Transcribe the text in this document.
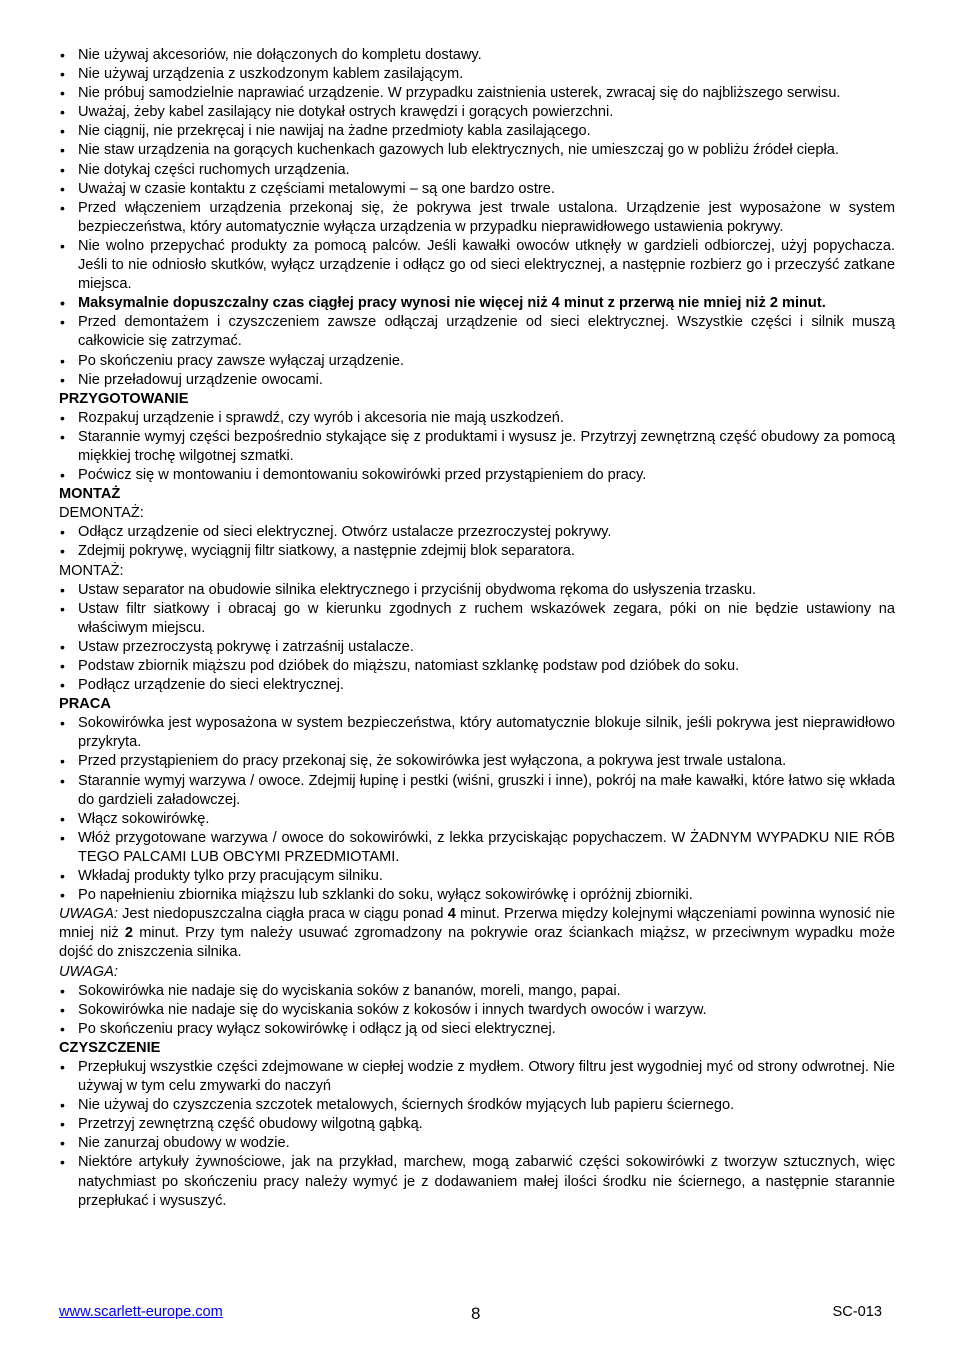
• Nie używaj akcesoriów, nie dołączonych do kompletu dostawy.
• Nie używaj urządzenia z uszkodzonym kablem zasilającym.
• Nie próbuj samodzielnie naprawiać urządzenie. W przypadku zaistnienia usterek, zwracaj się do najbliższego serwisu.
• Uważaj, żeby kabel zasilający nie dotykał ostrych krawędzi i gorących powierzchni.
• Nie ciągnij, nie przekręcaj i nie nawijaj na żadne przedmioty kabla zasilającego.
• Nie staw urządzenia na gorących kuchenkach gazowych lub elektrycznych, nie umieszczaj go w pobliżu źródeł ciepła.
• Nie dotykaj części ruchomych urządzenia.
• Uważaj w czasie kontaktu z częściami metalowymi – są one bardzo ostre.
• Przed włączeniem urządzenia przekonaj się, że pokrywa jest trwale ustalona. Urządzenie jest wyposażone w system bezpieczeństwa, który automatycznie wyłącza urządzenia w przypadku nieprawidłowego ustawienia pokrywy.
• Nie wolno przepychać produkty za pomocą palców. Jeśli kawałki owoców utknęły w gardzieli odbiorczej, użyj popychacza. Jeśli to nie odniosło skutków, wyłącz urządzenie i odłącz go od sieci elektrycznej, a następnie rozbierz go i przeczyść zatkane miejsca.
• Maksymalnie dopuszczalny czas ciągłej pracy wynosi nie więcej niż 4 minut z przerwą nie mniej niż 2 minut.
• Przed demontażem i czyszczeniem zawsze odłączaj urządzenie od sieci elektrycznej. Wszystkie części i silnik muszą całkowicie się zatrzymać.
• Po skończeniu pracy zawsze wyłączaj urządzenie.
• Nie przeładowuj urządzenie owocami.
PRZYGOTOWANIE
• Rozpakuj urządzenie i sprawdź, czy wyrób i akcesoria nie mają uszkodzeń.
• Starannie wymyj części bezpośrednio stykające się z produktami i wysusz je. Przytrzyj zewnętrzną część obudowy za pomocą miękkiej trochę wilgotnej szmatki.
• Poćwicz się w montowaniu i demontowaniu sokowirówki przed przystąpieniem do pracy.
MONTAŻ
DEMONTAŻ:
• Odłącz urządzenie od sieci elektrycznej. Otwórz ustalacze przezroczystej pokrywy.
• Zdejmij pokrywę, wyciągnij filtr siatkowy, a następnie zdejmij blok separatora.
MONTAŻ:
• Ustaw separator na obudowie silnika elektrycznego i przyciśnij obydwoma rękoma do usłyszenia trzasku.
• Ustaw filtr siatkowy i obracaj go w kierunku zgodnych z ruchem wskazówek zegara, póki on nie będzie ustawiony na właściwym miejscu.
• Ustaw przezroczystą pokrywę i zatrzaśnij ustalacze.
• Podstaw zbiornik miąższu pod dzióbek do miąższu, natomiast szklankę podstaw pod dzióbek do soku.
• Podłącz urządzenie do sieci elektrycznej.
PRACA
• Sokowirówka jest wyposażona w system bezpieczeństwa, który automatycznie blokuje silnik, jeśli pokrywa jest nieprawidłowo przykryta.
• Przed przystąpieniem do pracy przekonaj się, że sokowirówka jest wyłączona, a pokrywa jest trwale ustalona.
• Starannie wymyj warzywa / owoce. Zdejmij łupinę i pestki (wiśni, gruszki i inne), pokrój na małe kawałki, które łatwo się wkłada do gardzieli załadowczej.
• Włącz sokowirówkę.
• Włóż przygotowane warzywa / owoce do sokowirówki, z lekka przyciskając popychaczem. W ŻADNYM WYPADKU NIE RÓB TEGO PALCAMI LUB OBCYMI PRZEDMIOTAMI.
• Wkładaj produkty tylko przy pracującym silniku.
• Po napełnieniu zbiornika miąższu lub szklanki do soku, wyłącz sokowirówkę i opróżnij zbiorniki.
UWAGA: Jest niedopuszczalna ciągła praca w ciągu ponad 4 minut. Przerwa między kolejnymi włączeniami powinna wynosić nie mniej niż 2 minut. Przy tym należy usuwać zgromadzony na pokrywie oraz ściankach miąższ, w przeciwnym wypadku może dojść do zniszczenia silnika.
UWAGA:
• Sokowirówka nie nadaje się do wyciskania soków z bananów, moreli, mango, papai.
• Sokowirówka nie nadaje się do wyciskania soków z kokosów i innych twardych owoców i warzyw.
• Po skończeniu pracy wyłącz sokowirówkę i odłącz ją od sieci elektrycznej.
CZYSZCZENIE
• Przepłukuj wszystkie części zdejmowane w ciepłej wodzie z mydłem. Otwory filtru jest wygodniej myć od strony odwrotnej. Nie używaj w tym celu zmywarki do naczyń
• Nie używaj do czyszczenia szczotek metalowych, ściernych środków myjących lub papieru ściernego.
• Przetrzyj zewnętrzną część obudowy wilgotną gąbką.
• Nie zanurzaj obudowy w wodzie.
• Niektóre artykuły żywnościowe, jak na przykład, marchew, mogą zabarwić części sokowirówki z tworzyw sztucznych, więc natychmiast po skończeniu pracy należy wymyć je z dodawaniem małej ilości środku nie ściernego, a następnie starannie przepłukać i wysuszyć.
www.scarlett-europe.com	8	SC-013
